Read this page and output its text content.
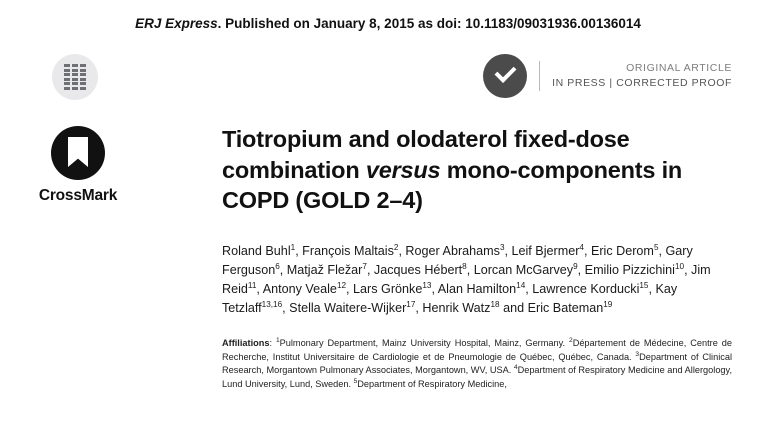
ERJ Express. Published on January 8, 2015 as doi: 10.1183/09031936.00136014
CrossMark
ORIGINAL ARTICLE
IN PRESS | CORRECTED PROOF
Tiotropium and olodaterol fixed-dose
combination versus mono-components in
COPD (GOLD 2–4)
Roland Buhl$^1$, François Maltais$^2$, Roger Abrahams$^3$, Leif Bjermer$^4$, Eric Derom$^5$, Gary Ferguson$^6$, Matjaž Fležar$^7$, Jacques Hébert$^8$, Lorcan McGarvey$^9$, Emilio Pizzichini$^{10}$, Jim Reid$^{11}$, Antony Veale$^{12}$, Lars Grönke$^{13}$, Alan Hamilton$^{14}$, Lawrence Korducki$^{15}$, Kay Tetzlaff$^{13,16}$, Stella Waitere-Wijker$^{17}$, Henrik Watz$^{18}$ and Eric Bateman$^{19}$
Affiliations: $^1$Pulmonary Department, Mainz University Hospital, Mainz, Germany. $^2$Département de Médecine, Centre de Recherche, Institut Universitaire de Cardiologie et de Pneumologie de Québec, Québec, Canada. $^3$Department of Clinical Research, Morgantown Pulmonary Associates, Morgantown, WV, USA. $^4$Department of Respiratory Medicine and Allergology, Lund University, Lund, Sweden. $^5$Department of Respiratory Medicine,
